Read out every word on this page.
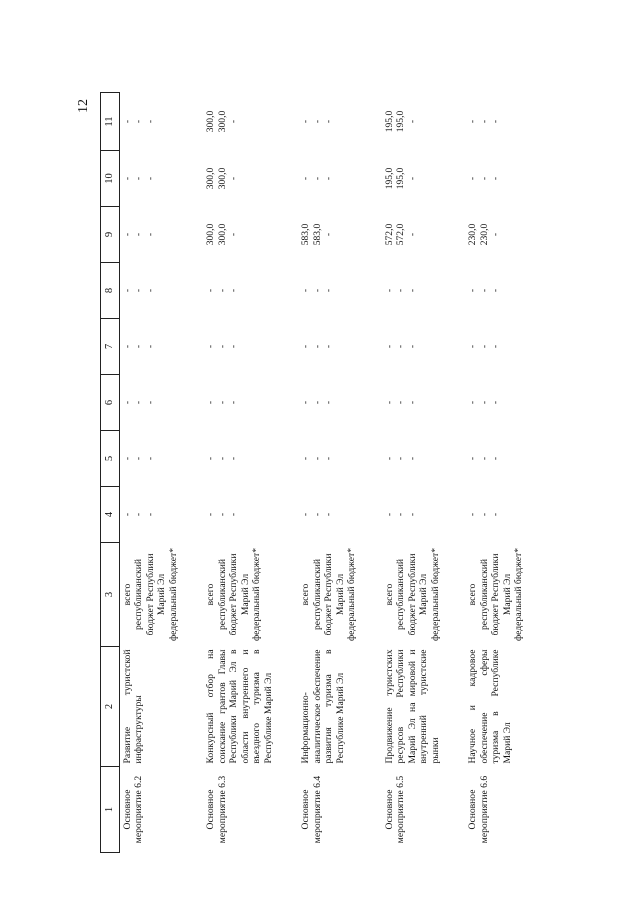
12
1	2	3	4	5	6	7	8	9	10	11
Основное мероприятие 6.2	Развитие туристской инфраструктуры	всего республиканский бюджет Республики Марий Эл федеральный бюджет*	- - -	- - -	- - -	- - -	- - -	- - -	- - -	- - -

Основное мероприятие 6.3	Конкурсный отбор на соискание грантов Главы Республики Марий Эл в области внутреннего и въездного туризма в Республике Марий Эл	всего республиканский бюджет Республики Марий Эл федеральный бюджет*	- - -	- - -	- - -	- - -	- - -	300,0 300,0 -	300,0 300,0 -	300,0 300,0 -

Основное мероприятие 6.4	Информационно-аналитическое обеспечение развития туризма в Республике Марий Эл	всего республиканский бюджет Республики Марий Эл федеральный бюджет*	- - -	- - -	- - -	- - -	- - -	583,0 583,0 -	- - -	- - -

Основное мероприятие 6.5	Продвижение туристских ресурсов Республики Марий Эл на мировой и внутренний туристские рынки	всего республиканский бюджет Республики Марий Эл федеральный бюджет*	- - -	- - -	- - -	- - -	- - -	572,0 572,0 -	195,0 195,0 -	195,0 195,0 -

Основное мероприятие 6.6	Научное и кадровое обеспечение сферы туризма в Республике Марий Эл	всего республиканский бюджет Республики Марий Эл федеральный бюджет*	- - -	- - -	- - -	- - -	- - -	230,0 230,0 -	- - -	- - -
